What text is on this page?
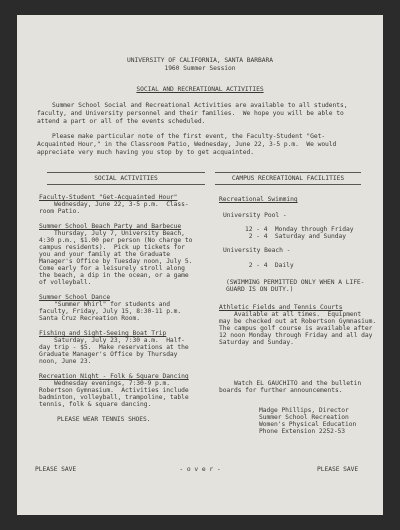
UNIVERSITY OF CALIFORNIA, SANTA BARBARA
1960 Summer Session
SOCIAL AND RECREATIONAL ACTIVITIES
Summer School Social and Recreational Activities are available to all students,
faculty, and University personnel and their families.  We hope you will be able to
attend a part or all of the events scheduled.
Please make particular note of the first event, the Faculty-Student "Get-
Acquainted Hour," in the Classroom Patio, Wednesday, June 22, 3-5 p.m.  We would
appreciate very much having you stop by to get acquainted.
SOCIAL ACTIVITIES	CAMPUS RECREATIONAL FACILITIES
Faculty-Student "Get-Acquainted Hour"
Wednesday, June 22, 3-5 p.m.  Class-
room Patio.
Summer School Beach Party and Barbecue
Thursday, July 7, University Beach,
4:30 p.m., $1.00 per person (No charge to
campus residents).  Pick up tickets for
you and your family at the Graduate
Manager's Office by Tuesday noon, July 5.
Come early for a leisurely stroll along
the beach, a dip in the ocean, or a game
of volleyball.
Summer School Dance
"Summer Whirl" for students and
faculty, Friday, July 15, 8:30-11 p.m.
Santa Cruz Recreation Room.
Fishing and Sight-Seeing Boat Trip
Saturday, July 23, 7:30 a.m.  Half-
day trip - $5.  Make reservations at the
Graduate Manager's Office by Thursday
noon, June 23.
Recreation Night - Folk & Square Dancing
Wednesday evenings, 7:30-9 p.m.
Robertson Gymnasium.  Activities include
badminton, volleyball, trampoline, table
tennis, folk & square dancing.
PLEASE WEAR TENNIS SHOES.
Recreational Swimming
University Pool -
12 - 4  Monday through Friday
2 - 4  Saturday and Sunday
University Beach -
2 - 4  Daily
(SWIMMING PERMITTED ONLY WHEN A LIFE-
GUARD IS ON DUTY.)
Athletic Fields and Tennis Courts
Available at all times.  Equipment
may be checked out at Robertson Gymnasium.
The campus golf course is available after
12 noon Monday through Friday and all day
Saturday and Sunday.
Watch EL GAUCHITO and the bulletin
boards for further announcements.
Madge Phillips, Director
Summer School Recreation
Women's Physical Education
Phone Extension 2252-53
PLEASE SAVE	- o v e r -	PLEASE SAVE
